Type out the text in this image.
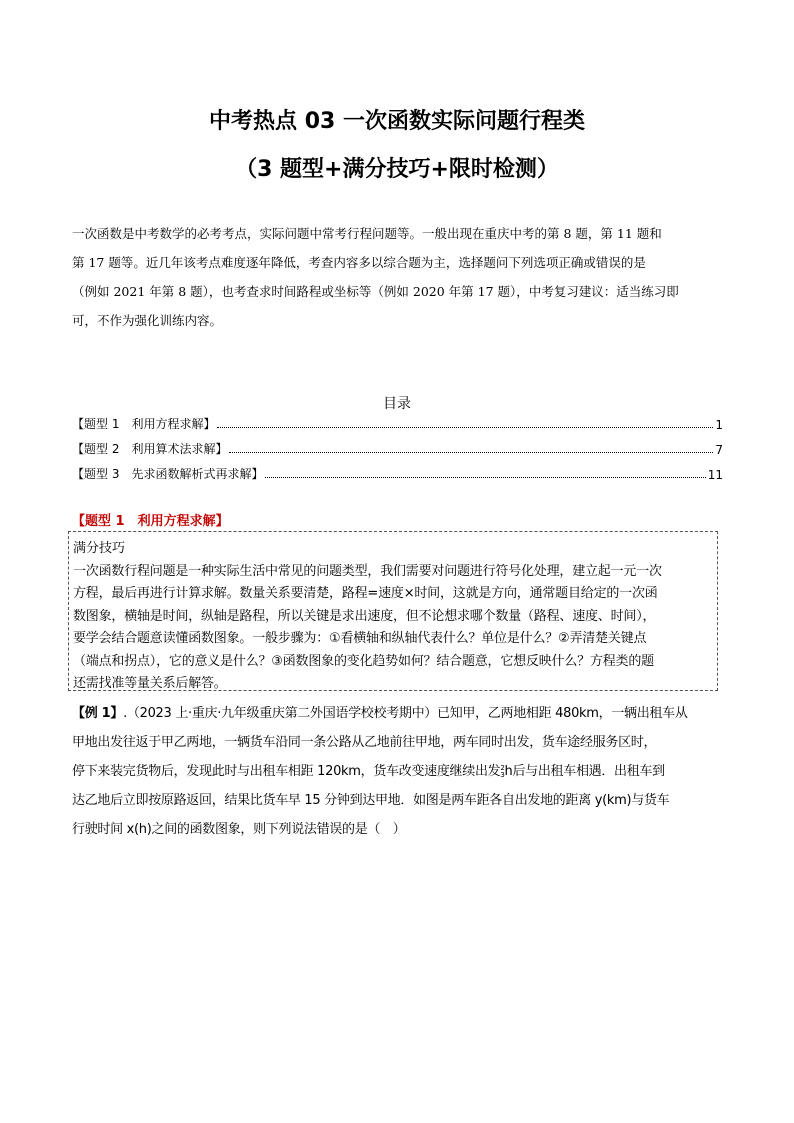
中考热点 03 一次函数实际问题行程类
（3 题型+满分技巧+限时检测）

一次函数是中考数学的必考考点，实际问题中常考行程问题等。一般出现在重庆中考的第 8 题，第 11 题和

第 17 题等。近几年该考点难度逐年降低，考查内容多以综合题为主，选择题问下列选项正确或错误的是

（例如 2021 年第 8 题），也考查求时间路程或坐标等（例如 2020 年第 17 题），中考复习建议：适当练习即

可，不作为强化训练内容。

目录
【题型 1　利用方程求解】	1
【题型 2　利用算术法求解】	7
【题型 3　先求函数解析式再求解】	11
【题型 1　利用方程求解】
满分技巧

一次函数行程问题是一种实际生活中常见的问题类型，我们需要对问题进行符号化处理，建立起一元一次

方程，最后再进行计算求解。数量关系要清楚，路程=速度×时间，这就是方向，通常题目给定的一次函

数图象，横轴是时间，纵轴是路程，所以关键是求出速度，但不论想求哪个数量（路程、速度、时间），

要学会结合题意读懂函数图象。一般步骤为：①看横轴和纵轴代表什么？单位是什么？②弄清楚关键点

（端点和拐点），它的意义是什么？③函数图象的变化趋势如何？结合题意，它想反映什么？方程类的题

还需找准等量关系后解答。

【例 1】.（2023 上·重庆·九年级重庆第二外国语学校校考期中）已知甲，乙两地相距 480km，一辆出租车从

甲地出发往返于甲乙两地，一辆货车沿同一条公路从乙地前往甲地，两车同时出发，货车途经服务区时，

停下来装完货物后，发现此时与出租车相距 120km，货车改变速度继续出发 2
3 h后与出租车相遇．出租车到

达乙地后立即按原路返回，结果比货车早 15 分钟到达甲地．如图是两车距各自出发地的距离 y(km)与货车

行驶时间 x(h)之间的函数图象，则下列说法错误的是（　）
